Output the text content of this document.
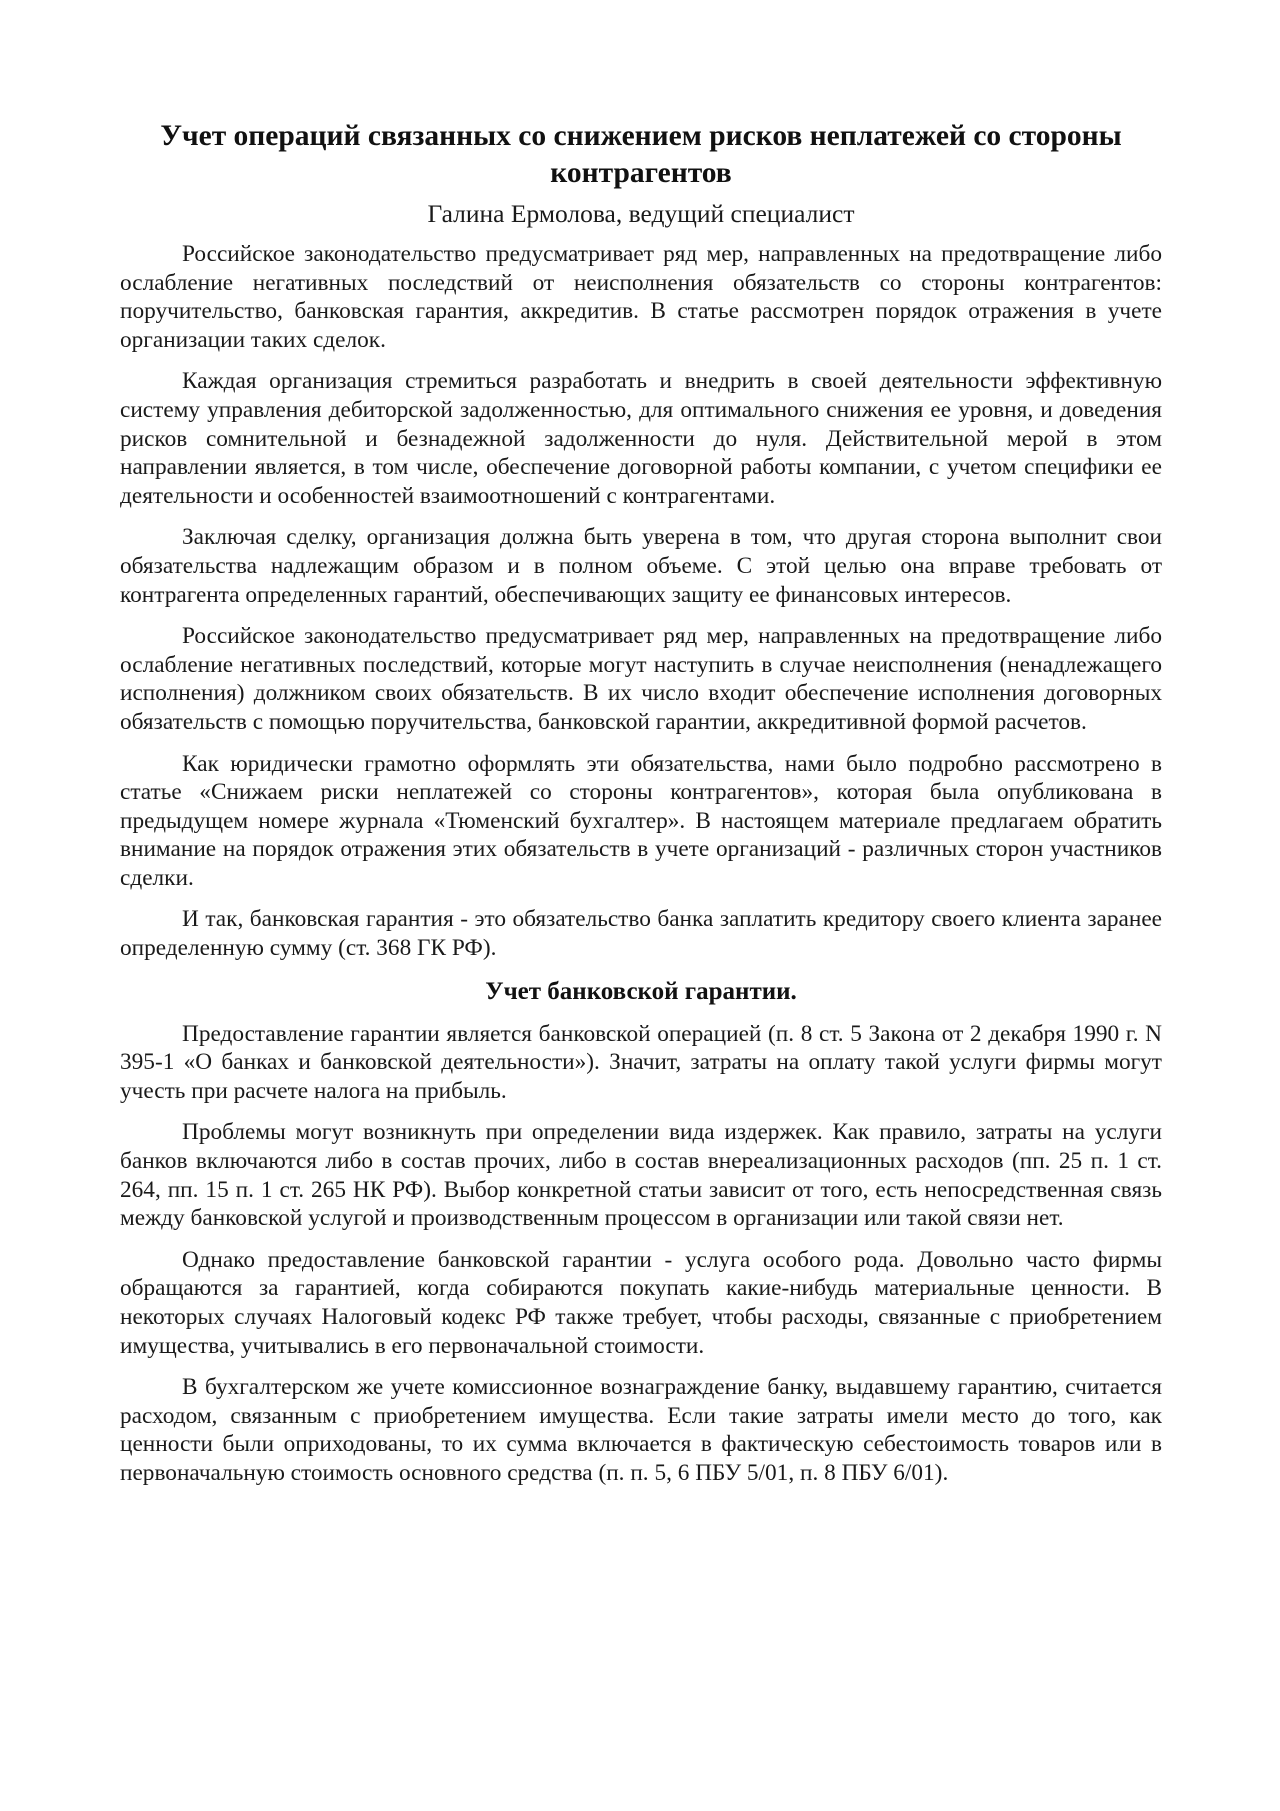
Учет операций связанных со снижением рисков неплатежей со стороны контрагентов
Галина Ермолова, ведущий специалист

Российское законодательство предусматривает ряд мер, направленных на предотвращение либо ослабление негативных последствий от неисполнения обязательств со стороны контрагентов: поручительство, банковская гарантия, аккредитив. В статье рассмотрен порядок отражения в учете организации таких сделок.

Каждая организация стремиться разработать и внедрить в своей деятельности эффективную систему управления дебиторской задолженностью, для оптимального снижения ее уровня, и доведения рисков сомнительной и безнадежной задолженности до нуля. Действительной мерой в этом направлении является, в том числе, обеспечение договорной работы компании, с учетом специфики ее деятельности и особенностей взаимоотношений с контрагентами.

Заключая сделку, организация должна быть уверена в том, что другая сторона выполнит свои обязательства надлежащим образом и в полном объеме. С этой целью она вправе требовать от контрагента определенных гарантий, обеспечивающих защиту ее финансовых интересов.

Российское законодательство предусматривает ряд мер, направленных на предотвращение либо ослабление негативных последствий, которые могут наступить в случае неисполнения (ненадлежащего исполнения) должником своих обязательств. В их число входит обеспечение исполнения договорных обязательств с помощью поручительства, банковской гарантии, аккредитивной формой расчетов.

Как юридически грамотно оформлять эти обязательства, нами было подробно рассмотрено в статье «Снижаем риски неплатежей со стороны контрагентов», которая была опубликована в предыдущем номере журнала «Тюменский бухгалтер». В настоящем материале предлагаем обратить внимание на порядок отражения этих обязательств в учете организаций - различных сторон участников сделки.

И так, банковская гарантия - это обязательство банка заплатить кредитору своего клиента заранее определенную сумму (ст. 368 ГК РФ).

Учет банковской гарантии.

Предоставление гарантии является банковской операцией (п. 8 ст. 5 Закона от 2 декабря 1990 г. N 395-1 «О банках и банковской деятельности»). Значит, затраты на оплату такой услуги фирмы могут учесть при расчете налога на прибыль.

Проблемы могут возникнуть при определении вида издержек. Как правило, затраты на услуги банков включаются либо в состав прочих, либо в состав внереализационных расходов (пп. 25 п. 1 ст. 264, пп. 15 п. 1 ст. 265 НК РФ). Выбор конкретной статьи зависит от того, есть непосредственная связь между банковской услугой и производственным процессом в организации или такой связи нет.

Однако предоставление банковской гарантии - услуга особого рода. Довольно часто фирмы обращаются за гарантией, когда собираются покупать какие-нибудь материальные ценности. В некоторых случаях Налоговый кодекс РФ также требует, чтобы расходы, связанные с приобретением имущества, учитывались в его первоначальной стоимости.

В бухгалтерском же учете комиссионное вознаграждение банку, выдавшему гарантию, считается расходом, связанным с приобретением имущества. Если такие затраты имели место до того, как ценности были оприходованы, то их сумма включается в фактическую себестоимость товаров или в первоначальную стоимость основного средства (п. п. 5, 6 ПБУ 5/01, п. 8 ПБУ 6/01).
